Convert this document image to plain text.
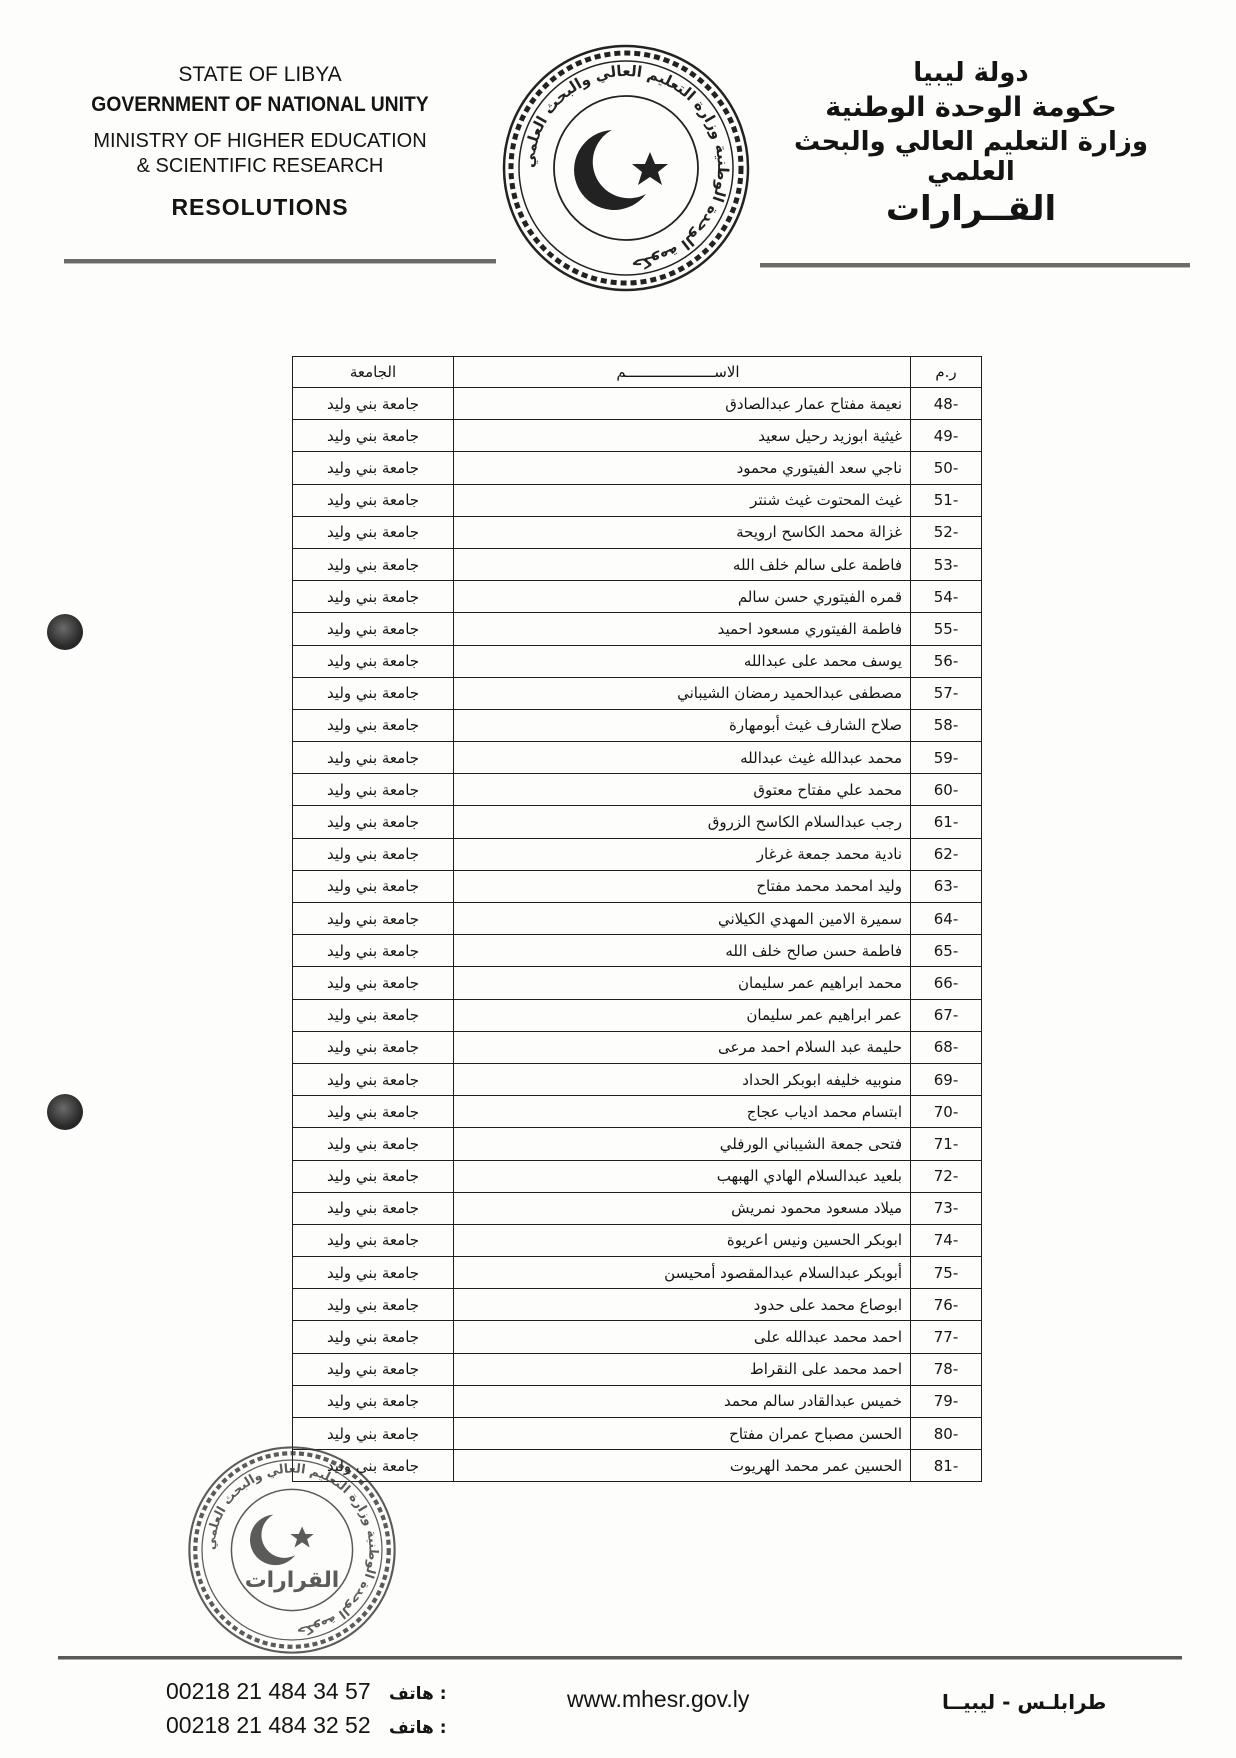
STATE OF LIBYA
GOVERNMENT OF NATIONAL UNITY
MINISTRY OF HIGHER EDUCATION
& SCIENTIFIC RESEARCH
RESOLUTIONS
دولة ليبيا
حكومة الوحدة الوطنية
وزارة التعليم العالي والبحث العلمي
القــرارات
حكومة الوحدة الوطنية وزارة التعليم العالي والبحث العلمي
ر.م	الاســــــــــــــــــــم	الجامعة
48-	نعيمة مفتاح عمار عبدالصادق	جامعة بني وليد
49-	غيثية ابوزيد رحيل سعيد	جامعة بني وليد
50-	ناجي سعد الفيتوري محمود	جامعة بني وليد
51-	غيث المحتوت غيث شنتر	جامعة بني وليد
52-	غزالة محمد الكاسح ارويحة	جامعة بني وليد
53-	فاطمة على سالم خلف الله	جامعة بني وليد
54-	قمره الفيتوري حسن سالم	جامعة بني وليد
55-	فاطمة الفيتوري مسعود احميد	جامعة بني وليد
56-	يوسف محمد على عبدالله	جامعة بني وليد
57-	مصطفى عبدالحميد رمضان الشيباني	جامعة بني وليد
58-	صلاح الشارف غيث أبومهارة	جامعة بني وليد
59-	محمد عبدالله غيث عبدالله	جامعة بني وليد
60-	محمد علي مفتاح معتوق	جامعة بني وليد
61-	رجب عبدالسلام الكاسح الزروق	جامعة بني وليد
62-	نادية محمد جمعة غرغار	جامعة بني وليد
63-	وليد امحمد محمد مفتاح	جامعة بني وليد
64-	سميرة الامين المهدي الكيلاني	جامعة بني وليد
65-	فاطمة حسن صالح خلف الله	جامعة بني وليد
66-	محمد ابراهيم عمر سليمان	جامعة بني وليد
67-	عمر ابراهيم عمر سليمان	جامعة بني وليد
68-	حليمة عبد السلام احمد مرعى	جامعة بني وليد
69-	منوبيه خليفه ابوبكر الحداد	جامعة بني وليد
70-	ابتسام محمد ادياب عجاج	جامعة بني وليد
71-	فتحى جمعة الشيباني الورفلي	جامعة بني وليد
72-	بلعيد عبدالسلام الهادي الهبهب	جامعة بني وليد
73-	ميلاد مسعود محمود نمريش	جامعة بني وليد
74-	ابوبكر الحسين ونيس اعريوة	جامعة بني وليد
75-	أبوبكر عبدالسلام عبدالمقصود أمحيسن	جامعة بني وليد
76-	ابوصاع محمد على حدود	جامعة بني وليد
77-	احمد محمد عبدالله على	جامعة بني وليد
78-	احمد محمد على النقراط	جامعة بني وليد
79-	خميس عبدالقادر سالم محمد	جامعة بني وليد
80-	الحسن مصباح عمران مفتاح	جامعة بني وليد
81-	الحسين عمر محمد الهريوت	جامعة بني وليد
حكومة الوحدة الوطنية وزارة التعليم العالي والبحث العلمي
القرارات
00218 21 484 34 57 هاتف :
00218 21 484 32 52 هاتف :
www.mhesr.gov.ly	طرابلـس - ليبيــا
